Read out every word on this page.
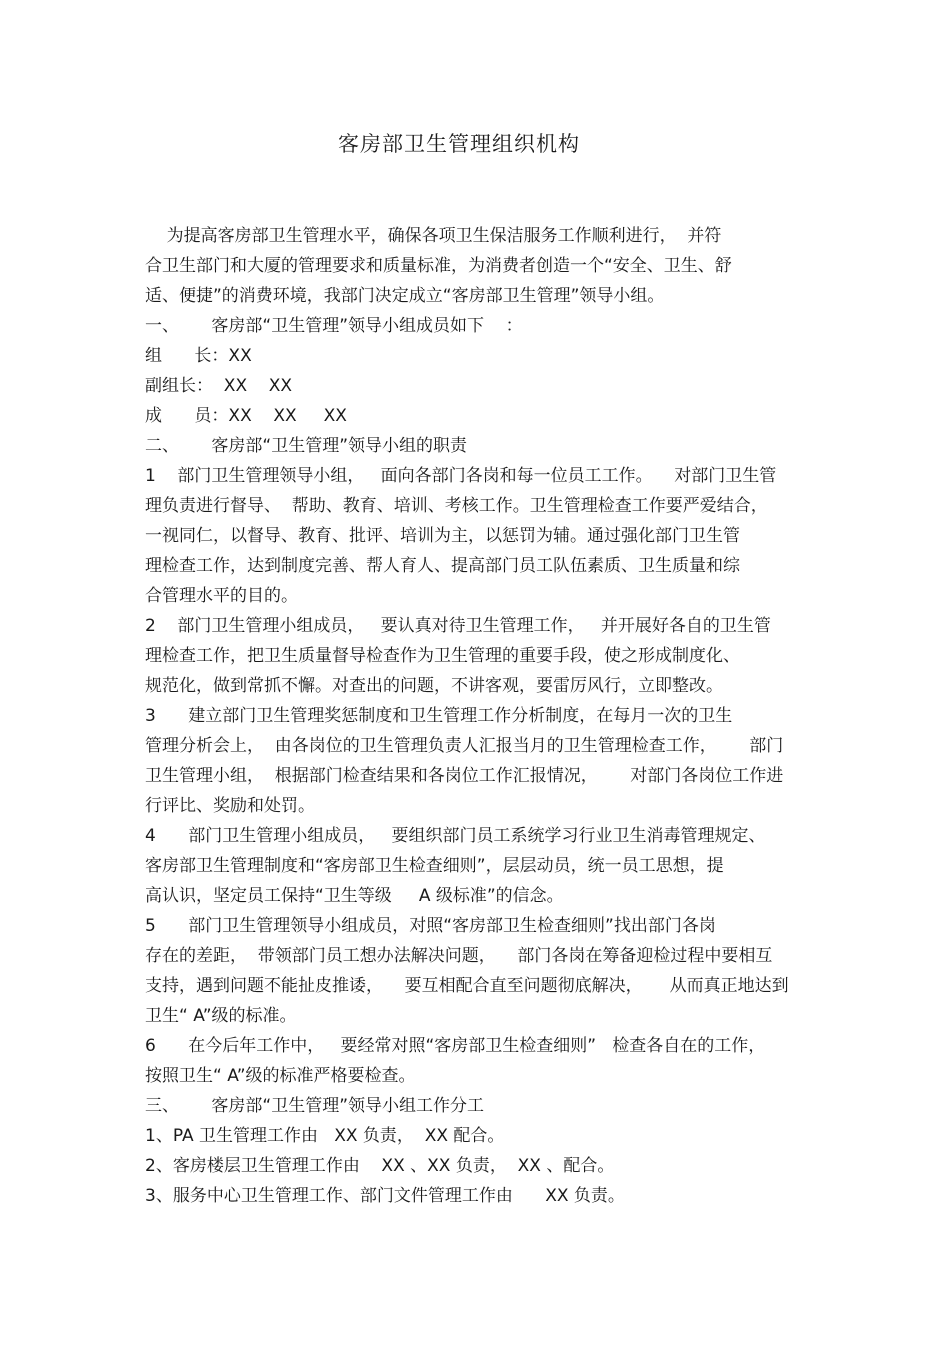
客房部卫生管理组织机构
为提高客房部卫生管理水平，确保各项卫生保洁服务工作顺利进行，  并符
合卫生部门和大厦的管理要求和质量标准，为消费者创造一个“安全、卫生、舒
适、便捷”的消费环境，我部门决定成立“客房部卫生管理”领导小组。
一、      客房部“卫生管理”领导小组成员如下    ：
组      长：XX
副组长：  XX    XX
成      员：XX    XX     XX
二、      客房部“卫生管理”领导小组的职责
1    部门卫生管理领导小组，   面向各部门各岗和每一位员工工作。    对部门卫生管
理负责进行督导、  帮助、教育、培训、考核工作。卫生管理检查工作要严爱结合，
一视同仁，以督导、教育、批评、培训为主，以惩罚为辅。通过强化部门卫生管
理检查工作，达到制度完善、帮人育人、提高部门员工队伍素质、卫生质量和综
合管理水平的目的。
2    部门卫生管理小组成员，   要认真对待卫生管理工作，   并开展好各自的卫生管
理检查工作，把卫生质量督导检查作为卫生管理的重要手段，使之形成制度化、
规范化，做到常抓不懈。对查出的问题，不讲客观，要雷厉风行，立即整改。
3      建立部门卫生管理奖惩制度和卫生管理工作分析制度，在每月一次的卫生
管理分析会上，  由各岗位的卫生管理负责人汇报当月的卫生管理检查工作，      部门
卫生管理小组，  根据部门检查结果和各岗位工作汇报情况，      对部门各岗位工作进
行评比、奖励和处罚。
4      部门卫生管理小组成员，   要组织部门员工系统学习行业卫生消毒管理规定、
客房部卫生管理制度和“客房部卫生检查细则”，层层动员，统一员工思想，提
高认识，坚定员工保持“卫生等级     A 级标准”的信念。
5      部门卫生管理领导小组成员，对照“客房部卫生检查细则”找出部门各岗
存在的差距，  带领部门员工想办法解决问题，    部门各岗在筹备迎检过程中要相互
支持，遇到问题不能扯皮推诿，    要互相配合直至问题彻底解决，     从而真正地达到
卫生“ A”级的标准。
6      在今后年工作中，   要经常对照“客房部卫生检查细则”   检查各自在的工作，
按照卫生“ A”级的标准严格要检查。
三、      客房部“卫生管理”领导小组工作分工
1、PA 卫生管理工作由   XX 负责，  XX 配合。
2、客房楼层卫生管理工作由    XX 、XX 负责，  XX 、配合。
3、服务中心卫生管理工作、部门文件管理工作由      XX 负责。
